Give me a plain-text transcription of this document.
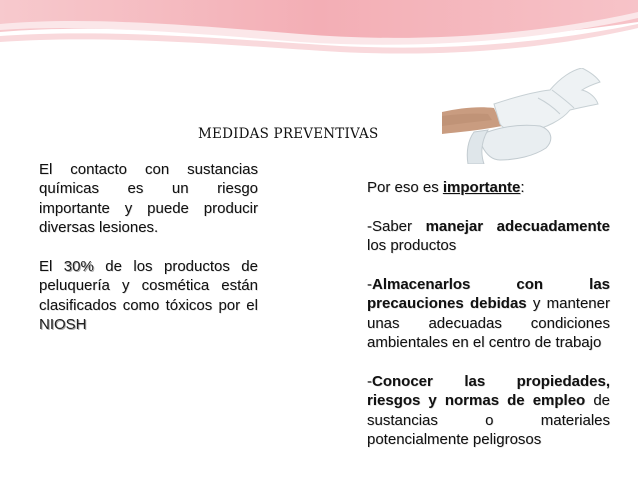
MEDIDAS PREVENTIVAS

El contacto con sustancias químicas es un riesgo importante y puede producir diversas lesiones.

El 30% de los productos de peluquería y cosmética están clasificados como tóxicos por el NIOSH

Por eso es importante:

-Saber manejar adecuadamente los productos

-Almacenarlos con las precauciones debidas y mantener unas adecuadas condiciones ambientales en el centro de trabajo

-Conocer las propiedades, riesgos y normas de empleo de sustancias o materiales potencialmente peligrosos
